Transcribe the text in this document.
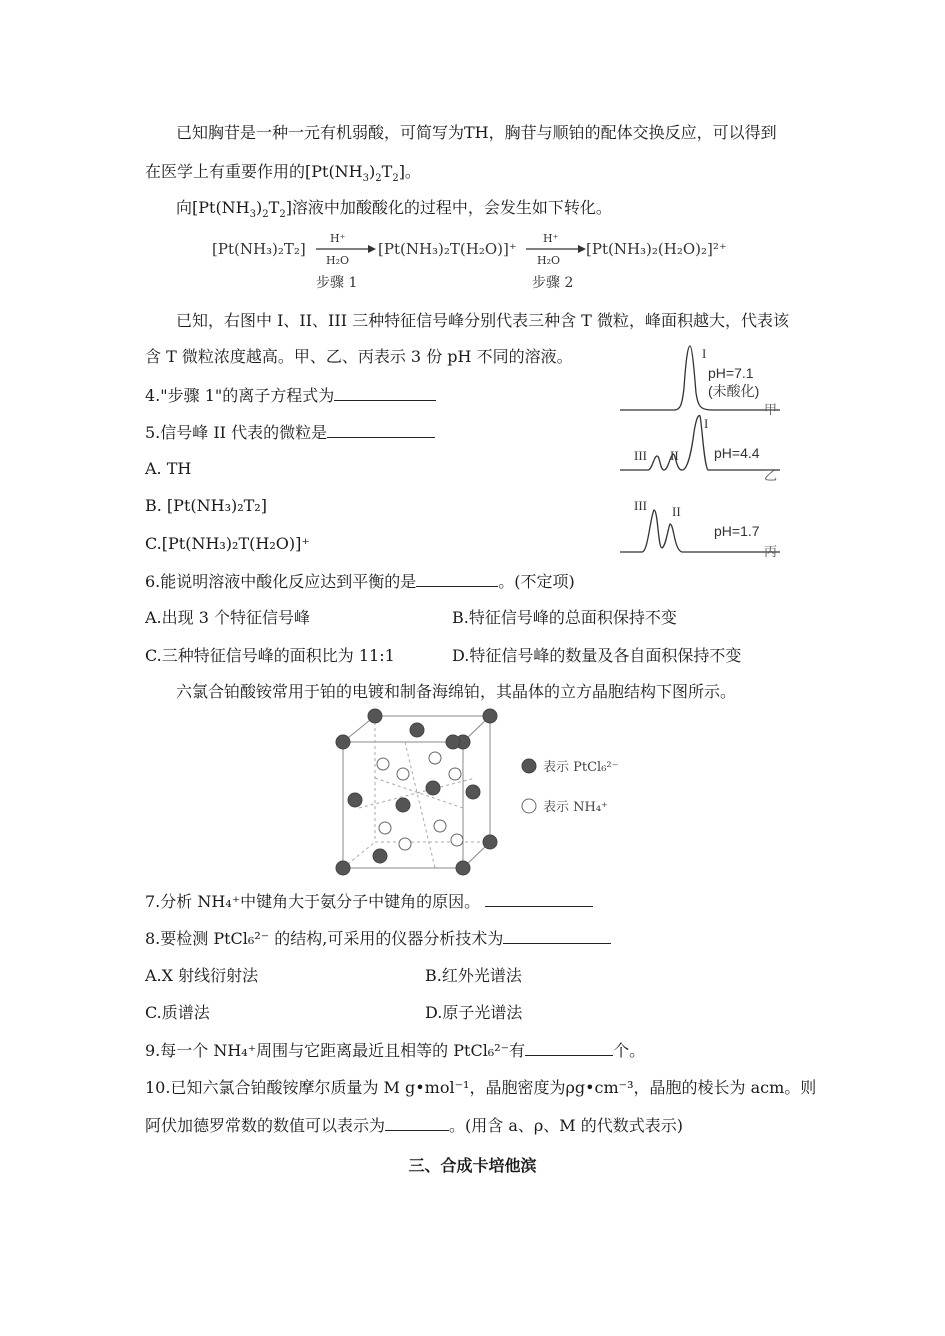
已知胸苷是一种一元有机弱酸，可简写为TH，胸苷与顺铂的配体交换反应，可以得到
在医学上有重要作用的$[Pt(NH_3)_2T_2]$。
向$[Pt(NH_3)_2T_2]$溶液中加酸酸化的过程中，会发生如下转化。
[Pt(NH₃)₂T₂]
H⁺
H₂O
[Pt(NH₃)₂T(H₂O)]⁺
H⁺
H₂O
[Pt(NH₃)₂(H₂O)₂]²⁺
步骤 1	步骤 2
已知，右图中 I、II、III 三种特征信号峰分别代表三种含 T 微粒，峰面积越大，代表该
含 T 微粒浓度越高。甲、乙、丙表示 3 份 pH 不同的溶液。	I
pH=7.1
(未酸化)
甲
III II
I
pH=4.4
乙
III II
pH=1.7
丙
4."步骤 1"的离子方程式为
5.信号峰 II 代表的微粒是
A. TH
B. [Pt(NH₃)₂T₂]
C.[Pt(NH₃)₂T(H₂O)]⁺
6.能说明溶液中酸化反应达到平衡的是	。(不定项)
A.出现 3 个特征信号峰	B.特征信号峰的总面积保持不变
C.三种特征信号峰的面积比为 11:1	D.特征信号峰的数量及各自面积保持不变
六氯合铂酸铵常用于铂的电镀和制备海绵铂，其晶体的立方晶胞结构下图所示。
表示 PtCl₆²⁻
表示 NH₄⁺
7.分析 NH₄⁺中键角大于氨分子中键角的原因。
8.要检测 PtCl₆²⁻ 的结构,可采用的仪器分析技术为
A.X 射线衍射法	B.红外光谱法
C.质谱法	D.原子光谱法
9.每一个 NH₄⁺周围与它距离最近且相等的 PtCl₆²⁻有	个。
10.已知六氯合铂酸铵摩尔质量为 M g•mol⁻¹，晶胞密度为ρg•cm⁻³，晶胞的棱长为 acm。则
阿伏加德罗常数的数值可以表示为	。(用含 a、ρ、M 的代数式表示)
三、合成卡培他滨
